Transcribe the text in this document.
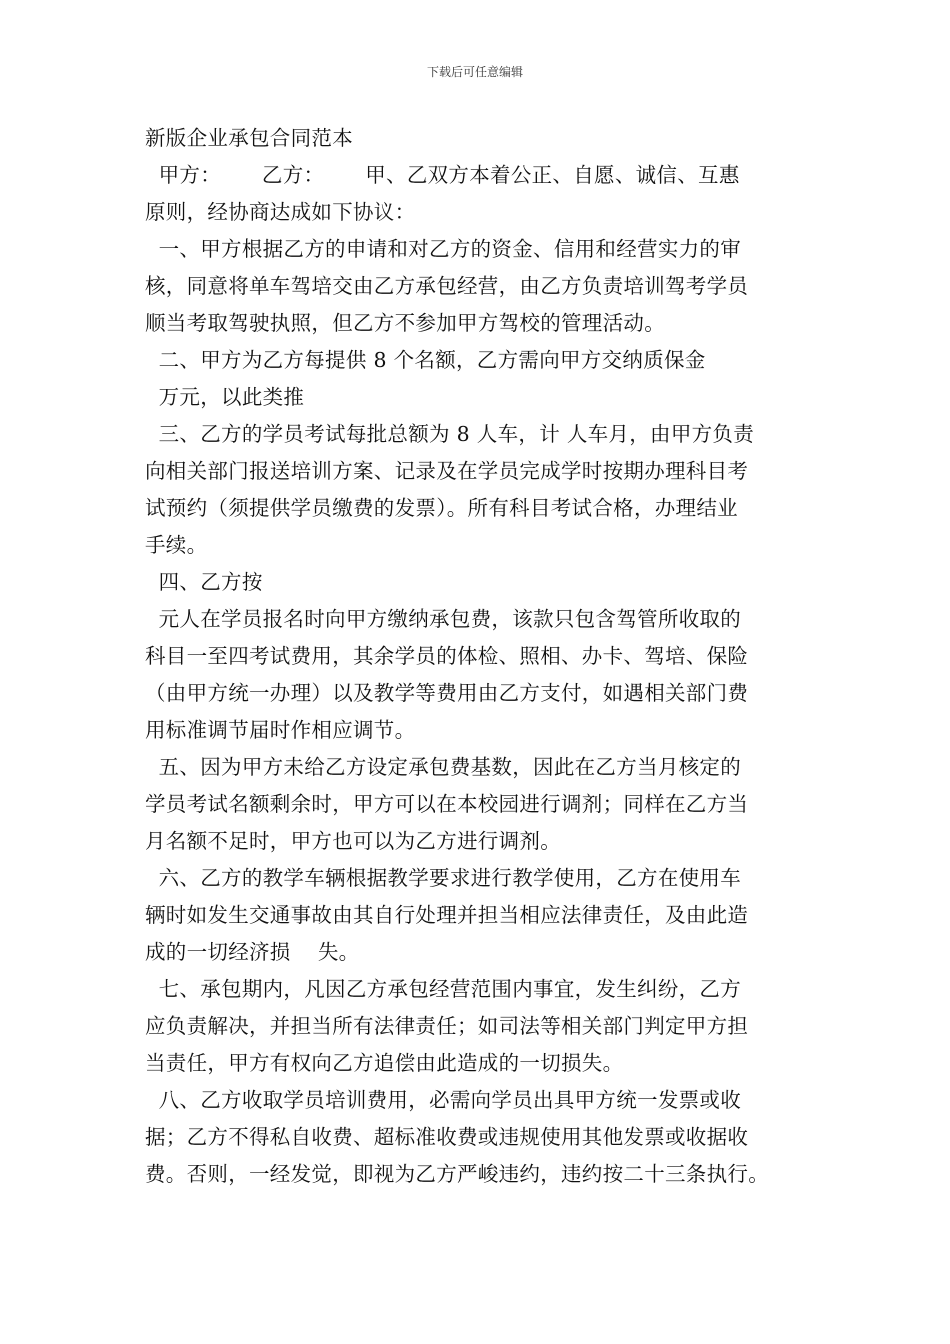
下载后可任意编辑
新版企业承包合同范本
甲方：      乙方：      甲、乙双方本着公正、自愿、诚信、互惠
原则，经协商达成如下协议：
一、甲方根据乙方的申请和对乙方的资金、信用和经营实力的审
核，同意将单车驾培交由乙方承包经营，由乙方负责培训驾考学员
顺当考取驾驶执照，但乙方不参加甲方驾校的管理活动。
二、甲方为乙方每提供 8 个名额，乙方需向甲方交纳质保金
万元，以此类推
三、乙方的学员考试每批总额为 8 人车，计 人车月，由甲方负责
向相关部门报送培训方案、记录及在学员完成学时按期办理科目考
试预约（须提供学员缴费的发票）。所有科目考试合格，办理结业
手续。
四、乙方按
元人在学员报名时向甲方缴纳承包费，该款只包含驾管所收取的
科目一至四考试费用，其余学员的体检、照相、办卡、驾培、保险
（由甲方统一办理）以及教学等费用由乙方支付，如遇相关部门费
用标准调节届时作相应调节。
五、因为甲方未给乙方设定承包费基数，因此在乙方当月核定的
学员考试名额剩余时，甲方可以在本校园进行调剂；同样在乙方当
月名额不足时，甲方也可以为乙方进行调剂。
六、乙方的教学车辆根据教学要求进行教学使用，乙方在使用车
辆时如发生交通事故由其自行处理并担当相应法律责任，及由此造
成的一切经济损    失。
七、承包期内，凡因乙方承包经营范围内事宜，发生纠纷，乙方
应负责解决，并担当所有法律责任；如司法等相关部门判定甲方担
当责任，甲方有权向乙方追偿由此造成的一切损失。
八、乙方收取学员培训费用，必需向学员出具甲方统一发票或收
据；乙方不得私自收费、超标准收费或违规使用其他发票或收据收
费。否则，一经发觉，即视为乙方严峻违约，违约按二十三条执行。
